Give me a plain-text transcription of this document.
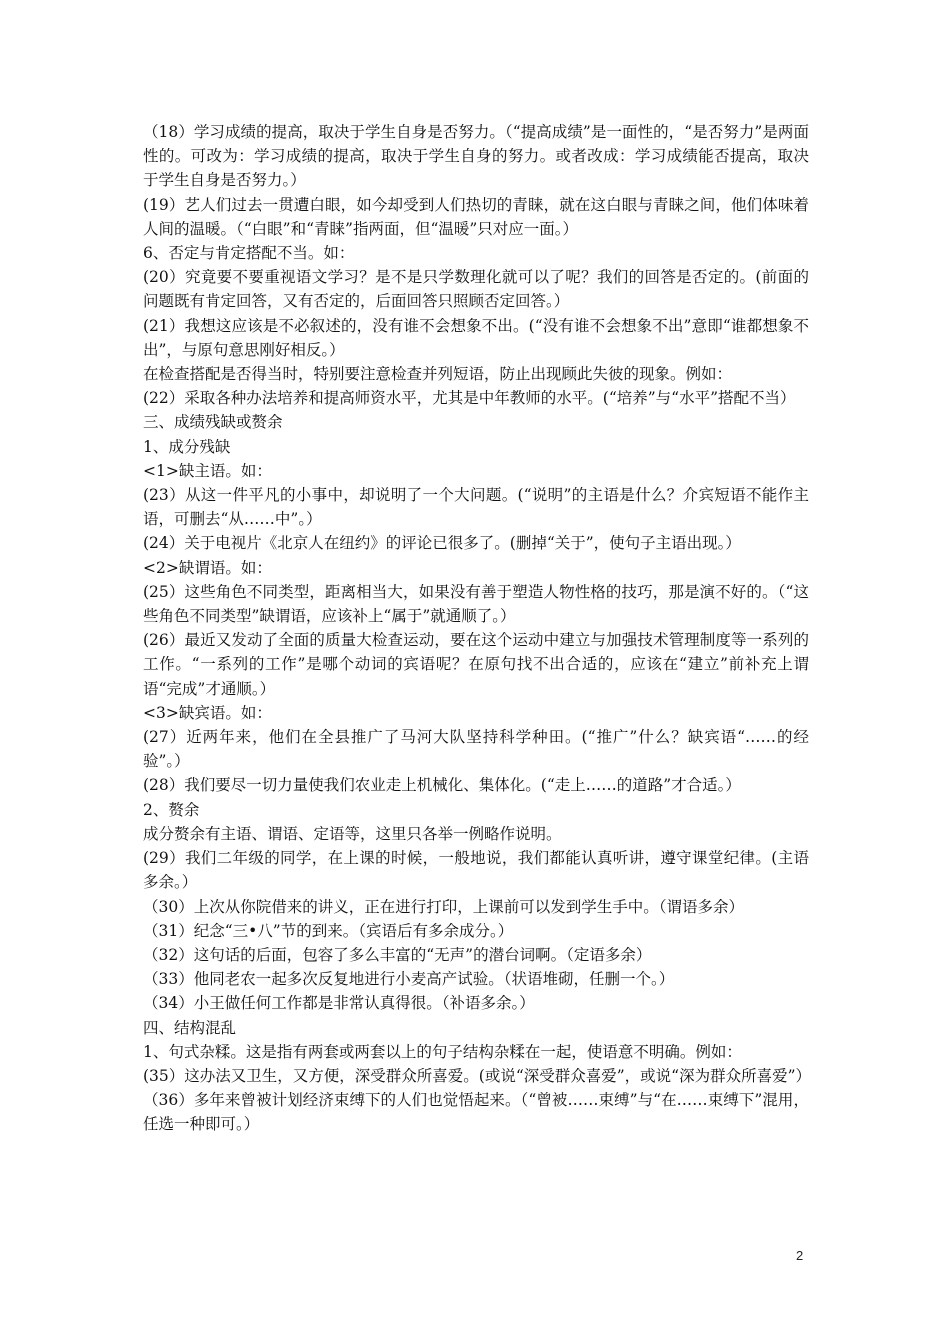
（18）学习成绩的提高，取决于学生自身是否努力。（“提高成绩”是一面性的，“是否努力”是两面性的。可改为：学习成绩的提高，取决于学生自身的努力。或者改成：学习成绩能否提高，取决于学生自身是否努力。）

(19）艺人们过去一贯遭白眼，如今却受到人们热切的青睐，就在这白眼与青睐之间，他们体味着人间的温暖。（“白眼”和“青睐”指两面，但“温暖”只对应一面。）

6、否定与肯定搭配不当。如：

(20）究竟要不要重视语文学习？是不是只学数理化就可以了呢？我们的回答是否定的。(前面的问题既有肯定回答，又有否定的，后面回答只照顾否定回答。）

(21）我想这应该是不必叙述的，没有谁不会想象不出。(“没有谁不会想象不出”意即“谁都想象不出”，与原句意思刚好相反。）

在检查搭配是否得当时，特别要注意检查并列短语，防止出现顾此失彼的现象。例如：

(22）采取各种办法培养和提高师资水平，尤其是中年教师的水平。(“培养”与“水平”搭配不当）

三、成绩残缺或赘余

1、成分残缺

<1>缺主语。如：

(23）从这一件平凡的小事中，却说明了一个大问题。(“说明”的主语是什么？介宾短语不能作主语，可删去“从……中”。）

(24）关于电视片《北京人在纽约》的评论已很多了。(删掉“关于”，使句子主语出现。）

<2>缺谓语。如：

(25）这些角色不同类型，距离相当大，如果没有善于塑造人物性格的技巧，那是演不好的。（“这些角色不同类型”缺谓语，应该补上“属于”就通顺了。）

(26）最近又发动了全面的质量大检查运动，要在这个运动中建立与加强技术管理制度等一系列的工作。“一系列的工作”是哪个动词的宾语呢？在原句找不出合适的，应该在“建立”前补充上谓语“完成”才通顺。）

<3>缺宾语。如：

(27）近两年来，他们在全县推广了马河大队坚持科学种田。(“推广”什么？缺宾语“……的经验”。）

(28）我们要尽一切力量使我们农业走上机械化、集体化。(“走上……的道路”才合适。）

2、赘余

成分赘余有主语、谓语、定语等，这里只各举一例略作说明。

(29）我们二年级的同学，在上课的时候，一般地说，我们都能认真听讲，遵守课堂纪律。(主语多余。）

（30）上次从你院借来的讲义，正在进行打印，上课前可以发到学生手中。（谓语多余）

（31）纪念“三•八”节的到来。（宾语后有多余成分。）

（32）这句话的后面，包容了多么丰富的“无声”的潜台词啊。（定语多余）

（33）他同老农一起多次反复地进行小麦高产试验。（状语堆砌，任删一个。）

（34）小王做任何工作都是非常认真得很。（补语多余。）

四、结构混乱

1、句式杂糅。这是指有两套或两套以上的句子结构杂糅在一起，使语意不明确。例如：

(35）这办法又卫生，又方便，深受群众所喜爱。(或说“深受群众喜爱”，或说“深为群众所喜爱”）

（36）多年来曾被计划经济束缚下的人们也觉悟起来。（“曾被……束缚”与“在……束缚下”混用，任选一种即可。）

2
